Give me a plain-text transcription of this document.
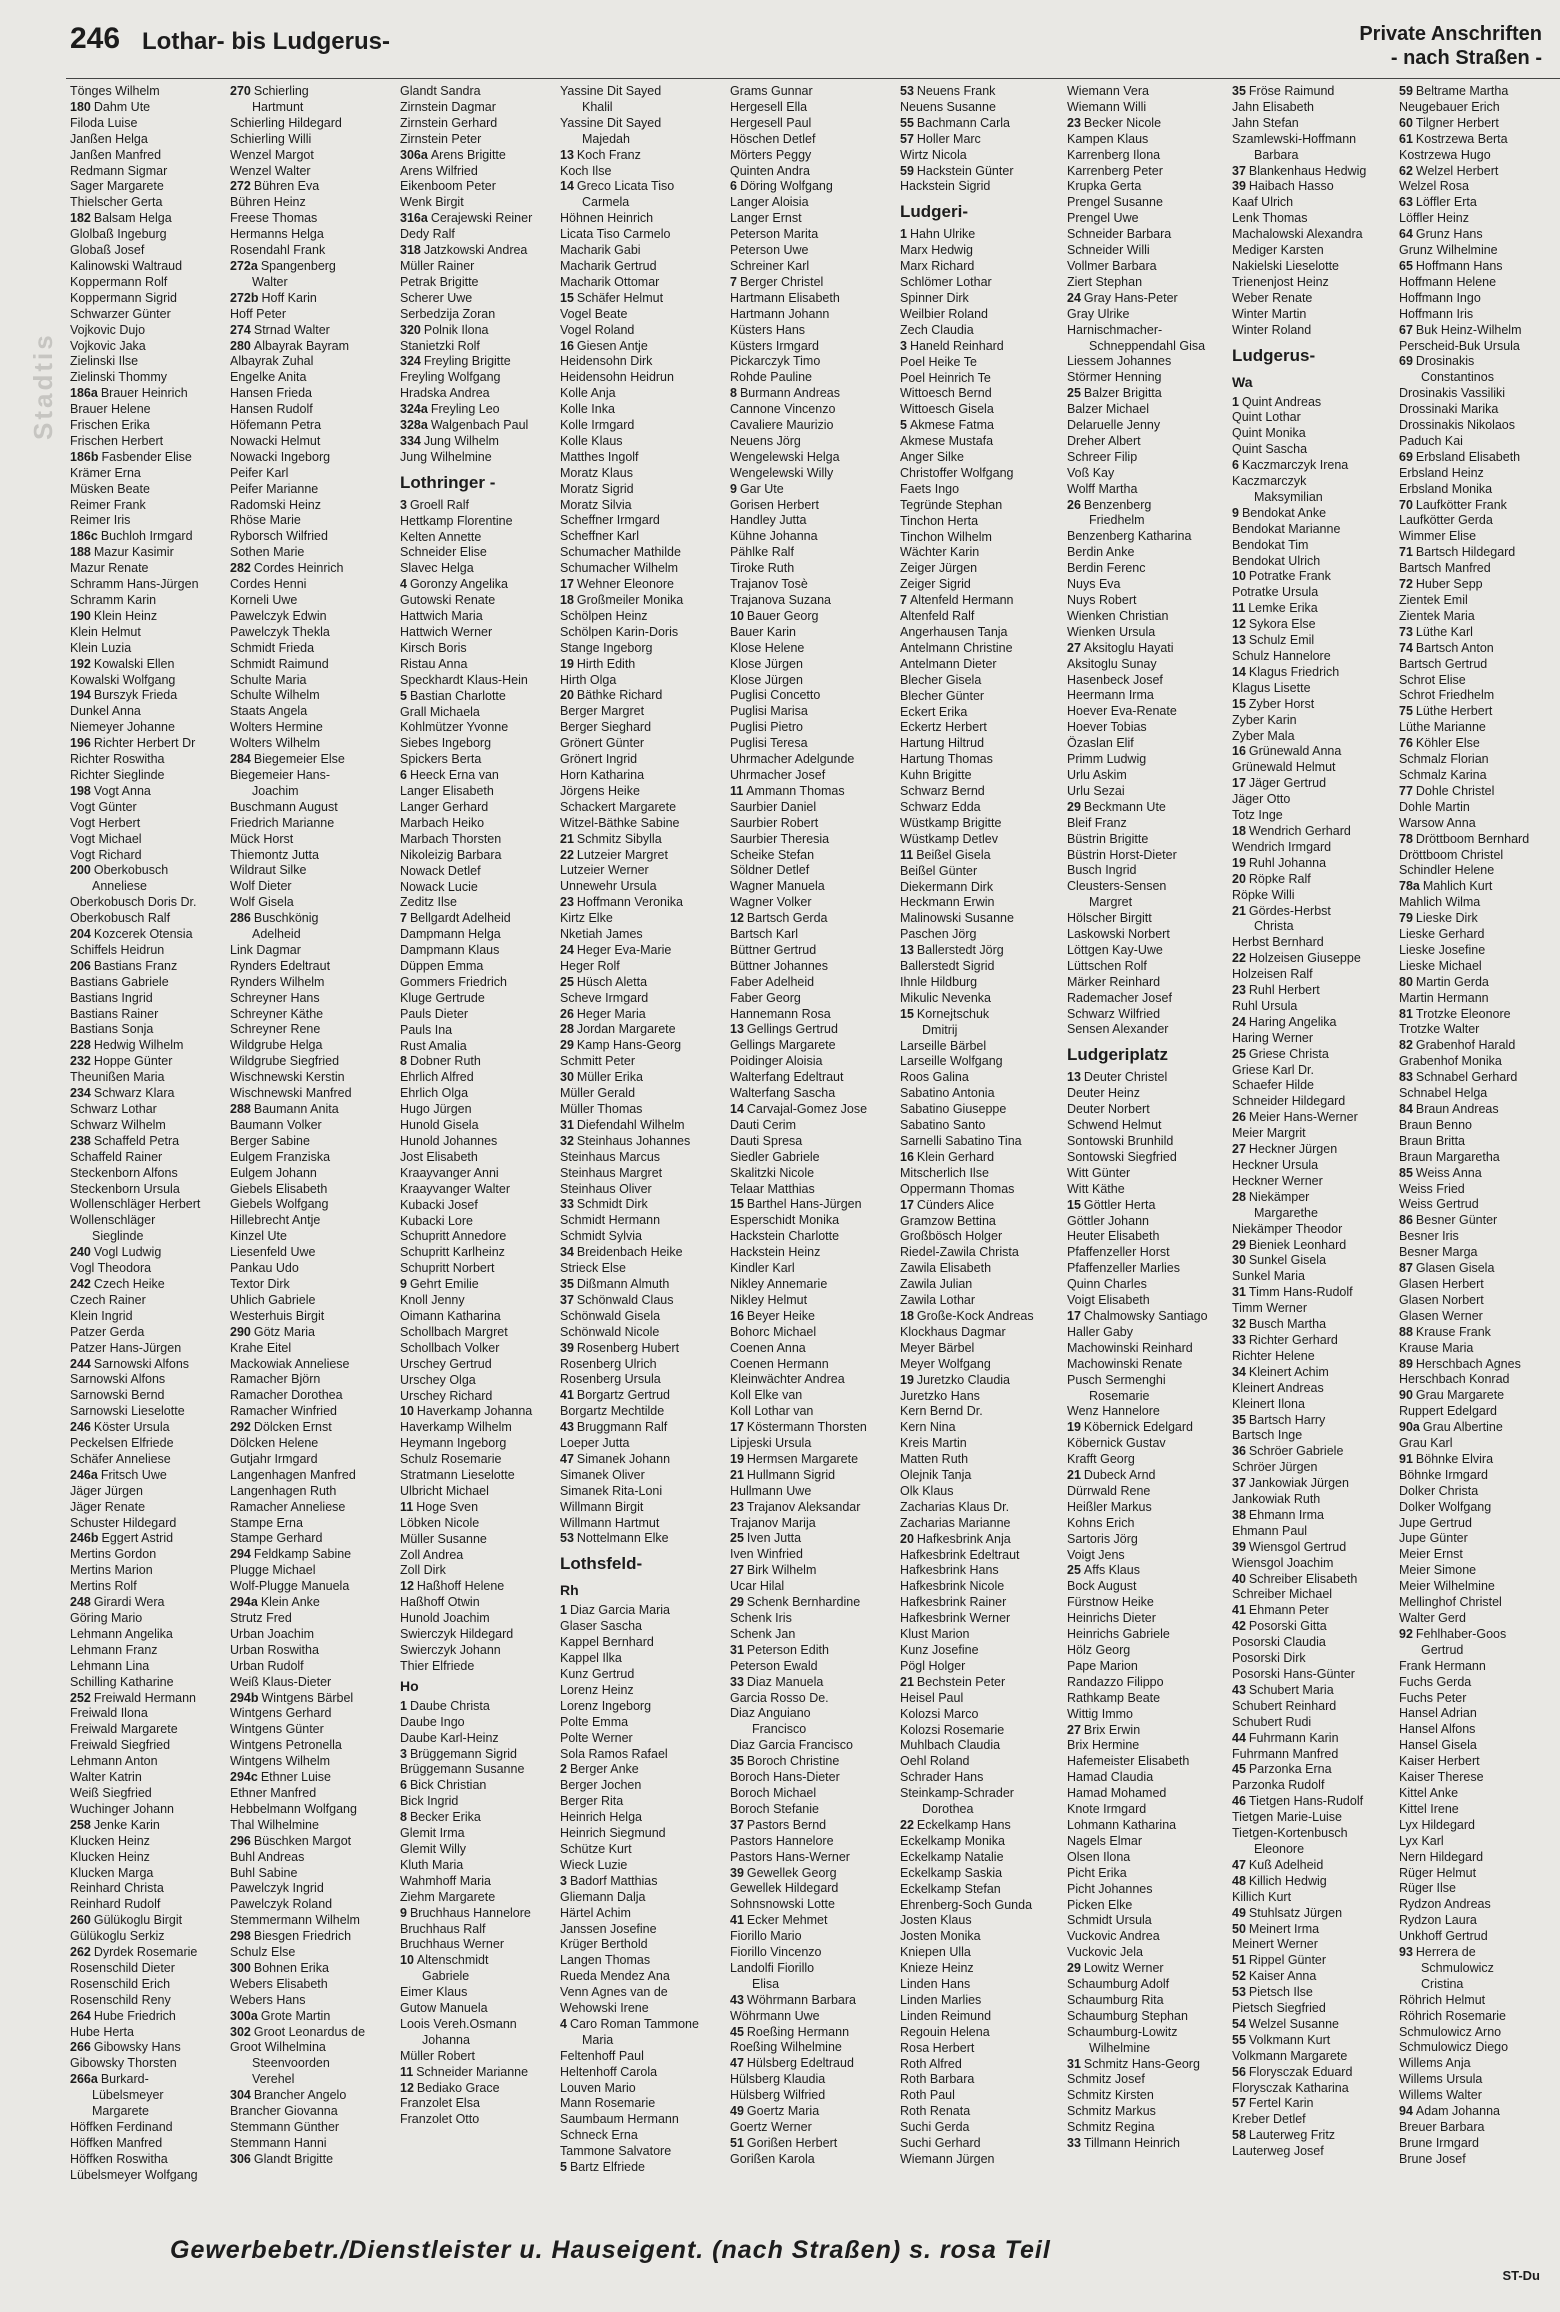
246 Lothar- bis Ludgerus-	Private Anschriften
- nach Straßen -
Stadtis
Tönges Wilhelm
180 Dahm Ute
Filoda Luise
Janßen Helga
Janßen Manfred
Redmann Sigmar
Sager Margarete
Thielscher Gerta
182 Balsam Helga
Glolbaß Ingeburg
Globaß Josef
Kalinowski Waltraud
Koppermann Rolf
Koppermann Sigrid
Schwarzer Günter
Vojkovic Dujo
Vojkovic Jaka
Zielinski Ilse
Zielinski Thommy
186a Brauer Heinrich
Brauer Helene
Frischen Erika
Frischen Herbert
186b Fasbender Elise
Krämer Erna
Müsken Beate
Reimer Frank
Reimer Iris
186c Buchloh Irmgard
188 Mazur Kasimir
Mazur Renate
Schramm Hans-Jürgen
Schramm Karin
190 Klein Heinz
Klein Helmut
Klein Luzia
192 Kowalski Ellen
Kowalski Wolfgang
194 Burszyk Frieda
Dunkel Anna
Niemeyer Johanne
196 Richter Herbert Dr
Richter Roswitha
Richter Sieglinde
198 Vogt Anna
Vogt Günter
Vogt Herbert
Vogt Michael
Vogt Richard
200 Oberkobusch
Anneliese
Oberkobusch Doris Dr.
Oberkobusch Ralf
204 Kozcerek Otensia
Schiffels Heidrun
206 Bastians Franz
Bastians Gabriele
Bastians Ingrid
Bastians Rainer
Bastians Sonja
228 Hedwig Wilhelm
232 Hoppe Günter
Theunißen Maria
234 Schwarz Klara
Schwarz Lothar
Schwarz Wilhelm
238 Schaffeld Petra
Schaffeld Rainer
Steckenborn Alfons
Steckenborn Ursula
Wollenschläger Herbert
Wollenschläger
Sieglinde
240 Vogl Ludwig
Vogl Theodora
242 Czech Heike
Czech Rainer
Klein Ingrid
Patzer Gerda
Patzer Hans-Jürgen
244 Sarnowski Alfons
Sarnowski Alfons
Sarnowski Bernd
Sarnowski Lieselotte
246 Köster Ursula
Peckelsen Elfriede
Schäfer Anneliese
246a Fritsch Uwe
Jäger Jürgen
Jäger Renate
Schuster Hildegard
246b Eggert Astrid
Mertins Gordon
Mertins Marion
Mertins Rolf
248 Girardi Wera
Göring Mario
Lehmann Angelika
Lehmann Franz
Lehmann Lina
Schilling Katharine
252 Freiwald Hermann
Freiwald Ilona
Freiwald Margarete
Freiwald Siegfried
Lehmann Anton
Walter Katrin
Weiß Siegfried
Wuchinger Johann
258 Jenke Karin
Klucken Heinz
Klucken Heinz
Klucken Marga
Reinhard Christa
Reinhard Rudolf
260 Gülükoglu Birgit
Gülükoglu Serkiz
262 Dyrdek Rosemarie
Rosenschild Dieter
Rosenschild Erich
Rosenschild Reny
264 Hube Friedrich
Hube Herta
266 Gibowsky Hans
Gibowsky Thorsten
266a Burkard-
Lübelsmeyer
Margarete
Höffken Ferdinand
Höffken Manfred
Höffken Roswitha
Lübelsmeyer Wolfgang
270 Schierling
Hartmunt
Schierling Hildegard
Schierling Willi
Wenzel Margot
Wenzel Walter
272 Bühren Eva
Bühren Heinz
Freese Thomas
Hermanns Helga
Rosendahl Frank
272a Spangenberg
Walter
272b Hoff Karin
Hoff Peter
274 Strnad Walter
280 Albayrak Bayram
Albayrak Zuhal
Engelke Anita
Hansen Frieda
Hansen Rudolf
Höfemann Petra
Nowacki Helmut
Nowacki Ingeborg
Peifer Karl
Peifer Marianne
Radomski Heinz
Rhöse Marie
Ryborsch Wilfried
Sothen Marie
282 Cordes Heinrich
Cordes Henni
Korneli Uwe
Pawelczyk Edwin
Pawelczyk Thekla
Schmidt Frieda
Schmidt Raimund
Schulte Maria
Schulte Wilhelm
Staats Angela
Wolters Hermine
Wolters Wilhelm
284 Biegemeier Else
Biegemeier Hans-
Joachim
Buschmann August
Friedrich Marianne
Mück Horst
Thiemontz Jutta
Wildraut Silke
Wolf Dieter
Wolf Gisela
286 Buschkönig
Adelheid
Link Dagmar
Rynders Edeltraut
Rynders Wilhelm
Schreyner Hans
Schreyner Käthe
Schreyner Rene
Wildgrube Helga
Wildgrube Siegfried
Wischnewski Kerstin
Wischnewski Manfred
288 Baumann Anita
Baumann Volker
Berger Sabine
Eulgem Franziska
Eulgem Johann
Giebels Elisabeth
Giebels Wolfgang
Hillebrecht Antje
Kinzel Ute
Liesenfeld Uwe
Pankau Udo
Textor Dirk
Uhlich Gabriele
Westerhuis Birgit
290 Götz Maria
Krahe Eitel
Mackowiak Anneliese
Ramacher Björn
Ramacher Dorothea
Ramacher Winfried
292 Dölcken Ernst
Dölcken Helene
Gutjahr Irmgard
Langenhagen Manfred
Langenhagen Ruth
Ramacher Anneliese
Stampe Erna
Stampe Gerhard
294 Feldkamp Sabine
Plugge Michael
Wolf-Plugge Manuela
294a Klein Anke
Strutz Fred
Urban Joachim
Urban Roswitha
Urban Rudolf
Weiß Klaus-Dieter
294b Wintgens Bärbel
Wintgens Gerhard
Wintgens Günter
Wintgens Petronella
Wintgens Wilhelm
294c Ethner Luise
Ethner Manfred
Hebbelmann Wolfgang
Thal Wilhelmine
296 Büschken Margot
Buhl Andreas
Buhl Sabine
Pawelczyk Ingrid
Pawelczyk Roland
Stemmermann Wilhelm
298 Biesgen Friedrich
Schulz Else
300 Bohnen Erika
Webers Elisabeth
Webers Hans
300a Grote Martin
302 Groot Leonardus de
Groot Wilhelmina
Steenvoorden
Verehel
304 Brancher Angelo
Brancher Giovanna
Stemmann Günther
Stemmann Hanni
306 Glandt Brigitte
Glandt Sandra
Zirnstein Dagmar
Zirnstein Gerhard
Zirnstein Peter
306a Arens Brigitte
Arens Wilfried
Eikenboom Peter
Wenk Birgit
316a Cerajewski Reiner
Dedy Ralf
318 Jatzkowski Andrea
Müller Rainer
Petrak Brigitte
Scherer Uwe
Serbedzija Zoran
320 Polnik Ilona
Stanietzki Rolf
324 Freyling Brigitte
Freyling Wolfgang
Hradska Andrea
324a Freyling Leo
328a Walgenbach Paul
334 Jung Wilhelm
Jung Wilhelmine
Lothringer -
3 Groell Ralf
Hettkamp Florentine
Kelten Annette
Schneider Elise
Slavec Helga
4 Goronzy Angelika
Gutowski Renate
Hattwich Maria
Hattwich Werner
Kirsch Boris
Ristau Anna
Speckhardt Klaus-Hein
5 Bastian Charlotte
Grall Michaela
Kohlmützer Yvonne
Siebes Ingeborg
Spickers Berta
6 Heeck Erna van
Langer Elisabeth
Langer Gerhard
Marbach Heiko
Marbach Thorsten
Nikoleizig Barbara
Nowack Detlef
Nowack Lucie
Zeditz Ilse
7 Bellgardt Adelheid
Dampmann Helga
Dampmann Klaus
Düppen Emma
Gommers Friedrich
Kluge Gertrude
Pauls Dieter
Pauls Ina
Rust Amalia
8 Dobner Ruth
Ehrlich Alfred
Ehrlich Olga
Hugo Jürgen
Hunold Gisela
Hunold Johannes
Jost Elisabeth
Kraayvanger Anni
Kraayvanger Walter
Kubacki Josef
Kubacki Lore
Schupritt Annedore
Schupritt Karlheinz
Schupritt Norbert
9 Gehrt Emilie
Knoll Jenny
Oimann Katharina
Schollbach Margret
Schollbach Volker
Urschey Gertrud
Urschey Olga
Urschey Richard
10 Haverkamp Johanna
Haverkamp Wilhelm
Heymann Ingeborg
Schulz Rosemarie
Stratmann Lieselotte
Ulbricht Michael
11 Hoge Sven
Löbken Nicole
Müller Susanne
Zoll Andrea
Zoll Dirk
12 Haßhoff Helene
Haßhoff Otwin
Hunold Joachim
Swierczyk Hildegard
Swierczyk Johann
Thier Elfriede
Ho
1 Daube Christa
Daube Ingo
Daube Karl-Heinz
3 Brüggemann Sigrid
Brüggemann Susanne
6 Bick Christian
Bick Ingrid
8 Becker Erika
Glemit Irma
Glemit Willy
Kluth Maria
Wahmhoff Maria
Ziehm Margarete
9 Bruchhaus Hannelore
Bruchhaus Ralf
Bruchhaus Werner
10 Altenschmidt
Gabriele
Eimer Klaus
Gutow Manuela
Loois Vereh.Osmann
Johanna
Müller Robert
11 Schneider Marianne
12 Bediako Grace
Franzolet Elsa
Franzolet Otto
Yassine Dit Sayed
Khalil
Yassine Dit Sayed
Majedah
13 Koch Franz
Koch Ilse
14 Greco Licata Tiso
Carmela
Höhnen Heinrich
Licata Tiso Carmelo
Macharik Gabi
Macharik Gertrud
Macharik Ottomar
15 Schäfer Helmut
Vogel Beate
Vogel Roland
16 Giesen Antje
Heidensohn Dirk
Heidensohn Heidrun
Kolle Anja
Kolle Inka
Kolle Irmgard
Kolle Klaus
Matthes Ingolf
Moratz Klaus
Moratz Sigrid
Moratz Silvia
Scheffner Irmgard
Scheffner Karl
Schumacher Mathilde
Schumacher Wilhelm
17 Wehner Eleonore
18 Großmeiler Monika
Schölpen Heinz
Schölpen Karin-Doris
Stange Ingeborg
19 Hirth Edith
Hirth Olga
20 Bäthke Richard
Berger Margret
Berger Sieghard
Grönert Günter
Grönert Ingrid
Horn Katharina
Jörgens Heike
Schackert Margarete
Witzel-Bäthke Sabine
21 Schmitz Sibylla
22 Lutzeier Margret
Lutzeier Werner
Unnewehr Ursula
23 Hoffmann Veronika
Kirtz Elke
Nketiah James
24 Heger Eva-Marie
Heger Rolf
25 Hüsch Aletta
Scheve Irmgard
26 Heger Maria
28 Jordan Margarete
29 Kamp Hans-Georg
Schmitt Peter
30 Müller Erika
Müller Gerald
Müller Thomas
31 Diefendahl Wilhelm
32 Steinhaus Johannes
Steinhaus Marcus
Steinhaus Margret
Steinhaus Oliver
33 Schmidt Dirk
Schmidt Hermann
Schmidt Sylvia
34 Breidenbach Heike
Strieck Else
35 Dißmann Almuth
37 Schönwald Claus
Schönwald Gisela
Schönwald Nicole
39 Rosenberg Hubert
Rosenberg Ulrich
Rosenberg Ursula
41 Borgartz Gertrud
Borgartz Mechtilde
43 Bruggmann Ralf
Loeper Jutta
47 Simanek Johann
Simanek Oliver
Simanek Rita-Loni
Willmann Birgit
Willmann Hartmut
53 Nottelmann Elke
Lothsfeld-
Rh
1 Diaz Garcia Maria
Glaser Sascha
Kappel Bernhard
Kappel Ilka
Kunz Gertrud
Lorenz Heinz
Lorenz Ingeborg
Polte Emma
Polte Werner
Sola Ramos Rafael
2 Berger Anke
Berger Jochen
Berger Rita
Heinrich Helga
Heinrich Siegmund
Schütze Kurt
Wieck Luzie
3 Badorf Matthias
Gliemann Dalja
Härtel Achim
Janssen Josefine
Krüger Berthold
Langen Thomas
Rueda Mendez Ana
Venn Agnes van de
Wehowski Irene
4 Caro Roman Tammone
Maria
Feltenhoff Paul
Heltenhoff Carola
Louven Mario
Mann Rosemarie
Saumbaum Hermann
Schneck Erna
Tammone Salvatore
5 Bartz Elfriede
Grams Gunnar
Hergesell Ella
Hergesell Paul
Höschen Detlef
Mörters Peggy
Quinten Andra
6 Döring Wolfgang
Langer Aloisia
Langer Ernst
Peterson Marita
Peterson Uwe
Schreiner Karl
7 Berger Christel
Hartmann Elisabeth
Hartmann Johann
Küsters Hans
Küsters Irmgard
Pickarczyk Timo
Rohde Pauline
8 Burmann Andreas
Cannone Vincenzo
Cavaliere Maurizio
Neuens Jörg
Wengelewski Helga
Wengelewski Willy
9 Gar Ute
Gorisen Herbert
Handley Jutta
Kühne Johanna
Pählke Ralf
Tiroke Ruth
Trajanov Tosè
Trajanova Suzana
10 Bauer Georg
Bauer Karin
Klose Helene
Klose Jürgen
Klose Jürgen
Puglisi Concetto
Puglisi Marisa
Puglisi Pietro
Puglisi Teresa
Uhrmacher Adelgunde
Uhrmacher Josef
11 Ammann Thomas
Saurbier Daniel
Saurbier Robert
Saurbier Theresia
Scheike Stefan
Söldner Detlef
Wagner Manuela
Wagner Volker
12 Bartsch Gerda
Bartsch Karl
Büttner Gertrud
Büttner Johannes
Faber Adelheid
Faber Georg
Hannemann Rosa
13 Gellings Gertrud
Gellings Margarete
Poidinger Aloisia
Walterfang Edeltraut
Walterfang Sascha
14 Carvajal-Gomez Jose
Dauti Cerim
Dauti Spresa
Siedler Gabriele
Skalitzki Nicole
Telaar Matthias
15 Barthel Hans-Jürgen
Esperschidt Monika
Hackstein Charlotte
Hackstein Heinz
Kindler Karl
Nikley Annemarie
Nikley Helmut
16 Beyer Heike
Bohorc Michael
Coenen Anna
Coenen Hermann
Kleinwächter Andrea
Koll Elke van
Koll Lothar van
17 Köstermann Thorsten
Lipjeski Ursula
19 Hermsen Margarete
21 Hullmann Sigrid
Hullmann Uwe
23 Trajanov Aleksandar
Trajanov Marija
25 Iven Jutta
Iven Winfried
27 Birk Wilhelm
Ucar Hilal
29 Schenk Bernhardine
Schenk Iris
Schenk Jan
31 Peterson Edith
Peterson Ewald
33 Diaz Manuela
Garcia Rosso De.
Diaz Anguiano
Francisco
Diaz Garcia Francisco
35 Boroch Christine
Boroch Hans-Dieter
Boroch Michael
Boroch Stefanie
37 Pastors Bernd
Pastors Hannelore
Pastors Hans-Werner
39 Gewellek Georg
Gewellek Hildegard
Sohnsnowski Lotte
41 Ecker Mehmet
Fiorillo Mario
Fiorillo Vincenzo
Landolfi Fiorillo
Elisa
43 Wöhrmann Barbara
Wöhrmann Uwe
45 Roeßing Hermann
Roeßing Wilhelmine
47 Hülsberg Edeltraud
Hülsberg Klaudia
Hülsberg Wilfried
49 Goertz Maria
Goertz Werner
51 Gorißen Herbert
Gorißen Karola
53 Neuens Frank
Neuens Susanne
55 Bachmann Carla
57 Holler Marc
Wirtz Nicola
59 Hackstein Günter
Hackstein Sigrid
Ludgeri-
1 Hahn Ulrike
Marx Hedwig
Marx Richard
Schlömer Lothar
Spinner Dirk
Weilbier Roland
Zech Claudia
3 Haneld Reinhard
Poel Heike Te
Poel Heinrich Te
Wittoesch Bernd
Wittoesch Gisela
5 Akmese Fatma
Akmese Mustafa
Anger Silke
Christoffer Wolfgang
Faets Ingo
Tegründe Stephan
Tinchon Herta
Tinchon Wilhelm
Wächter Karin
Zeiger Jürgen
Zeiger Sigrid
7 Altenfeld Hermann
Altenfeld Ralf
Angerhausen Tanja
Antelmann Christine
Antelmann Dieter
Blecher Gisela
Blecher Günter
Eckert Erika
Eckertz Herbert
Hartung Hiltrud
Hartung Thomas
Kuhn Brigitte
Schwarz Bernd
Schwarz Edda
Wüstkamp Brigitte
Wüstkamp Detlev
11 Beißel Gisela
Beißel Günter
Diekermann Dirk
Heckmann Erwin
Malinowski Susanne
Paschen Jörg
13 Ballerstedt Jörg
Ballerstedt Sigrid
Ihnle Hildburg
Mikulic Nevenka
15 Kornejtschuk
Dmitrij
Larseille Bärbel
Larseille Wolfgang
Roos Galina
Sabatino Antonia
Sabatino Giuseppe
Sabatino Santo
Sarnelli Sabatino Tina
16 Klein Gerhard
Mitscherlich Ilse
Oppermann Thomas
17 Cünders Alice
Gramzow Bettina
Großbösch Holger
Riedel-Zawila Christa
Zawila Elisabeth
Zawila Julian
Zawila Lothar
18 Große-Kock Andreas
Klockhaus Dagmar
Meyer Bärbel
Meyer Wolfgang
19 Juretzko Claudia
Juretzko Hans
Kern Bernd Dr.
Kern Nina
Kreis Martin
Matten Ruth
Olejnik Tanja
Olk Klaus
Zacharias Klaus Dr.
Zacharias Marianne
20 Hafkesbrink Anja
Hafkesbrink Edeltraut
Hafkesbrink Hans
Hafkesbrink Nicole
Hafkesbrink Rainer
Hafkesbrink Werner
Klust Marion
Kunz Josefine
Pögl Holger
21 Bechstein Peter
Heisel Paul
Kolozsi Marco
Kolozsi Rosemarie
Muhlbach Claudia
Oehl Roland
Schrader Hans
Steinkamp-Schrader
Dorothea
22 Eckelkamp Hans
Eckelkamp Monika
Eckelkamp Natalie
Eckelkamp Saskia
Eckelkamp Stefan
Ehrenberg-Soch Gunda
Josten Klaus
Josten Monika
Kniepen Ulla
Knieze Heinz
Linden Hans
Linden Marlies
Linden Reimund
Regouin Helena
Rosa Herbert
Roth Alfred
Roth Barbara
Roth Paul
Roth Renata
Suchi Gerda
Suchi Gerhard
Wiemann Jürgen
Wiemann Vera
Wiemann Willi
23 Becker Nicole
Kampen Klaus
Karrenberg Ilona
Karrenberg Peter
Krupka Gerta
Prengel Susanne
Prengel Uwe
Schneider Barbara
Schneider Willi
Vollmer Barbara
Ziert Stephan
24 Gray Hans-Peter
Gray Ulrike
Harnischmacher-
Schneppendahl Gisa
Liessem Johannes
Störmer Henning
25 Balzer Brigitta
Balzer Michael
Delaruelle Jenny
Dreher Albert
Schreer Filip
Voß Kay
Wolff Martha
26 Benzenberg
Friedhelm
Benzenberg Katharina
Berdin Anke
Berdin Ferenc
Nuys Eva
Nuys Robert
Wienken Christian
Wienken Ursula
27 Aksitoglu Hayati
Aksitoglu Sunay
Hasenbeck Josef
Heermann Irma
Hoever Eva-Renate
Hoever Tobias
Özaslan Elif
Primm Ludwig
Urlu Askim
Urlu Sezai
29 Beckmann Ute
Bleif Franz
Büstrin Brigitte
Büstrin Horst-Dieter
Busch Ingrid
Cleusters-Sensen
Margret
Hölscher Birgitt
Laskowski Norbert
Löttgen Kay-Uwe
Lüttschen Rolf
Märker Reinhard
Rademacher Josef
Schwarz Wilfried
Sensen Alexander
Ludgeriplatz
13 Deuter Christel
Deuter Heinz
Deuter Norbert
Schwend Helmut
Sontowski Brunhild
Sontowski Siegfried
Witt Günter
Witt Käthe
15 Göttler Herta
Göttler Johann
Heuter Elisabeth
Pfaffenzeller Horst
Pfaffenzeller Marlies
Quinn Charles
Voigt Elisabeth
17 Chalmowsky Santiago
Haller Gaby
Machowinski Reinhard
Machowinski Renate
Pusch Sermenghi
Rosemarie
Wenz Hannelore
19 Köbernick Edelgard
Köbernick Gustav
Krafft Georg
21 Dubeck Arnd
Dürrwald Rene
Heißler Markus
Kohns Erich
Sartoris Jörg
Voigt Jens
25 Affs Klaus
Bock August
Fürstnow Heike
Heinrichs Dieter
Heinrichs Gabriele
Hölz Georg
Pape Marion
Randazzo Filippo
Rathkamp Beate
Wittig Immo
27 Brix Erwin
Brix Hermine
Hafemeister Elisabeth
Hamad Claudia
Hamad Mohamed
Knote Irmgard
Lohmann Katharina
Nagels Elmar
Olsen Ilona
Picht Erika
Picht Johannes
Picken Elke
Schmidt Ursula
Vuckovic Andrea
Vuckovic Jela
29 Lowitz Werner
Schaumburg Adolf
Schaumburg Rita
Schaumburg Stephan
Schaumburg-Lowitz
Wilhelmine
31 Schmitz Hans-Georg
Schmitz Josef
Schmitz Kirsten
Schmitz Markus
Schmitz Regina
33 Tillmann Heinrich
35 Fröse Raimund
Jahn Elisabeth
Jahn Stefan
Szamlewski-Hoffmann
Barbara
37 Blankenhaus Hedwig
39 Haibach Hasso
Kaaf Ulrich
Lenk Thomas
Machalowski Alexandra
Mediger Karsten
Nakielski Lieselotte
Trienenjost Heinz
Weber Renate
Winter Martin
Winter Roland
Ludgerus-
Wa
1 Quint Andreas
Quint Lothar
Quint Monika
Quint Sascha
6 Kaczmarczyk Irena
Kaczmarczyk
Maksymilian
9 Bendokat Anke
Bendokat Marianne
Bendokat Tim
Bendokat Ulrich
10 Potratke Frank
Potratke Ursula
11 Lemke Erika
12 Sykora Else
13 Schulz Emil
Schulz Hannelore
14 Klagus Friedrich
Klagus Lisette
15 Zyber Horst
Zyber Karin
Zyber Mala
16 Grünewald Anna
Grünewald Helmut
17 Jäger Gertrud
Jäger Otto
Totz Inge
18 Wendrich Gerhard
Wendrich Irmgard
19 Ruhl Johanna
20 Röpke Ralf
Röpke Willi
21 Gördes-Herbst
Christa
Herbst Bernhard
22 Holzeisen Giuseppe
Holzeisen Ralf
23 Ruhl Herbert
Ruhl Ursula
24 Haring Angelika
Haring Werner
25 Griese Christa
Griese Karl Dr.
Schaefer Hilde
Schneider Hildegard
26 Meier Hans-Werner
Meier Margrit
27 Heckner Jürgen
Heckner Ursula
Heckner Werner
28 Niekämper
Margarethe
Niekämper Theodor
29 Bieniek Leonhard
30 Sunkel Gisela
Sunkel Maria
31 Timm Hans-Rudolf
Timm Werner
32 Busch Martha
33 Richter Gerhard
Richter Helene
34 Kleinert Achim
Kleinert Andreas
Kleinert Ilona
35 Bartsch Harry
Bartsch Inge
36 Schröer Gabriele
Schröer Jürgen
37 Jankowiak Jürgen
Jankowiak Ruth
38 Ehmann Irma
Ehmann Paul
39 Wiensgol Gertrud
Wiensgol Joachim
40 Schreiber Elisabeth
Schreiber Michael
41 Ehmann Peter
42 Posorski Gitta
Posorski Claudia
Posorski Dirk
Posorski Hans-Günter
43 Schubert Maria
Schubert Reinhard
Schubert Rudi
44 Fuhrmann Karin
Fuhrmann Manfred
45 Parzonka Erna
Parzonka Rudolf
46 Tietgen Hans-Rudolf
Tietgen Marie-Luise
Tietgen-Kortenbusch
Eleonore
47 Kuß Adelheid
48 Killich Hedwig
Killich Kurt
49 Stuhlsatz Jürgen
50 Meinert Irma
Meinert Werner
51 Rippel Günter
52 Kaiser Anna
53 Pietsch Ilse
Pietsch Siegfried
54 Welzel Susanne
55 Volkmann Kurt
Volkmann Margarete
56 Florysczak Eduard
Florysczak Katharina
57 Fertel Karin
Kreber Detlef
58 Lauterweg Fritz
Lauterweg Josef
59 Beltrame Martha
Neugebauer Erich
60 Tilgner Herbert
61 Kostrzewa Berta
Kostrzewa Hugo
62 Welzel Herbert
Welzel Rosa
63 Löffler Erta
Löffler Heinz
64 Grunz Hans
Grunz Wilhelmine
65 Hoffmann Hans
Hoffmann Helene
Hoffmann Ingo
Hoffmann Iris
67 Buk Heinz-Wilhelm
Perscheid-Buk Ursula
69 Drosinakis
Constantinos
Drosinakis Vassiliki
Drossinaki Marika
Drossinakis Nikolaos
Paduch Kai
69 Erbsland Elisabeth
Erbsland Heinz
Erbsland Monika
70 Laufkötter Frank
Laufkötter Gerda
Wimmer Elise
71 Bartsch Hildegard
Bartsch Manfred
72 Huber Sepp
Zientek Emil
Zientek Maria
73 Lüthe Karl
74 Bartsch Anton
Bartsch Gertrud
Schrot Elise
Schrot Friedhelm
75 Lüthe Herbert
Lüthe Marianne
76 Köhler Else
Schmalz Florian
Schmalz Karina
77 Dohle Christel
Dohle Martin
Warsow Anna
78 Dröttboom Bernhard
Dröttboom Christel
Schindler Helene
78a Mahlich Kurt
Mahlich Wilma
79 Lieske Dirk
Lieske Gerhard
Lieske Josefine
Lieske Michael
80 Martin Gerda
Martin Hermann
81 Trotzke Eleonore
Trotzke Walter
82 Grabenhof Harald
Grabenhof Monika
83 Schnabel Gerhard
Schnabel Helga
84 Braun Andreas
Braun Benno
Braun Britta
Braun Margaretha
85 Weiss Anna
Weiss Fried
Weiss Gertrud
86 Besner Günter
Besner Iris
Besner Marga
87 Glasen Gisela
Glasen Herbert
Glasen Norbert
Glasen Werner
88 Krause Frank
Krause Maria
89 Herschbach Agnes
Herschbach Konrad
90 Grau Margarete
Ruppert Edelgard
90a Grau Albertine
Grau Karl
91 Böhnke Elvira
Böhnke Irmgard
Dolker Christa
Dolker Wolfgang
Jupe Gertrud
Jupe Günter
Meier Ernst
Meier Simone
Meier Wilhelmine
Mellinghof Christel
Walter Gerd
92 Fehlhaber-Goos
Gertrud
Frank Hermann
Fuchs Gerda
Fuchs Peter
Hansel Adrian
Hansel Alfons
Hansel Gisela
Kaiser Herbert
Kaiser Therese
Kittel Anke
Kittel Irene
Lyx Hildegard
Lyx Karl
Nern Hildegard
Rüger Helmut
Rüger Ilse
Rydzon Andreas
Rydzon Laura
Unkhoff Gertrud
93 Herrera de
Schmulowicz
Cristina
Röhrich Helmut
Röhrich Rosemarie
Schmulowicz Arno
Schmulowicz Diego
Willems Anja
Willems Ursula
Willems Walter
94 Adam Johanna
Breuer Barbara
Brune Irmgard
Brune Josef
Gewerbebetr./Dienstleister u. Hauseigent. (nach Straßen) s. rosa Teil
ST-Du
